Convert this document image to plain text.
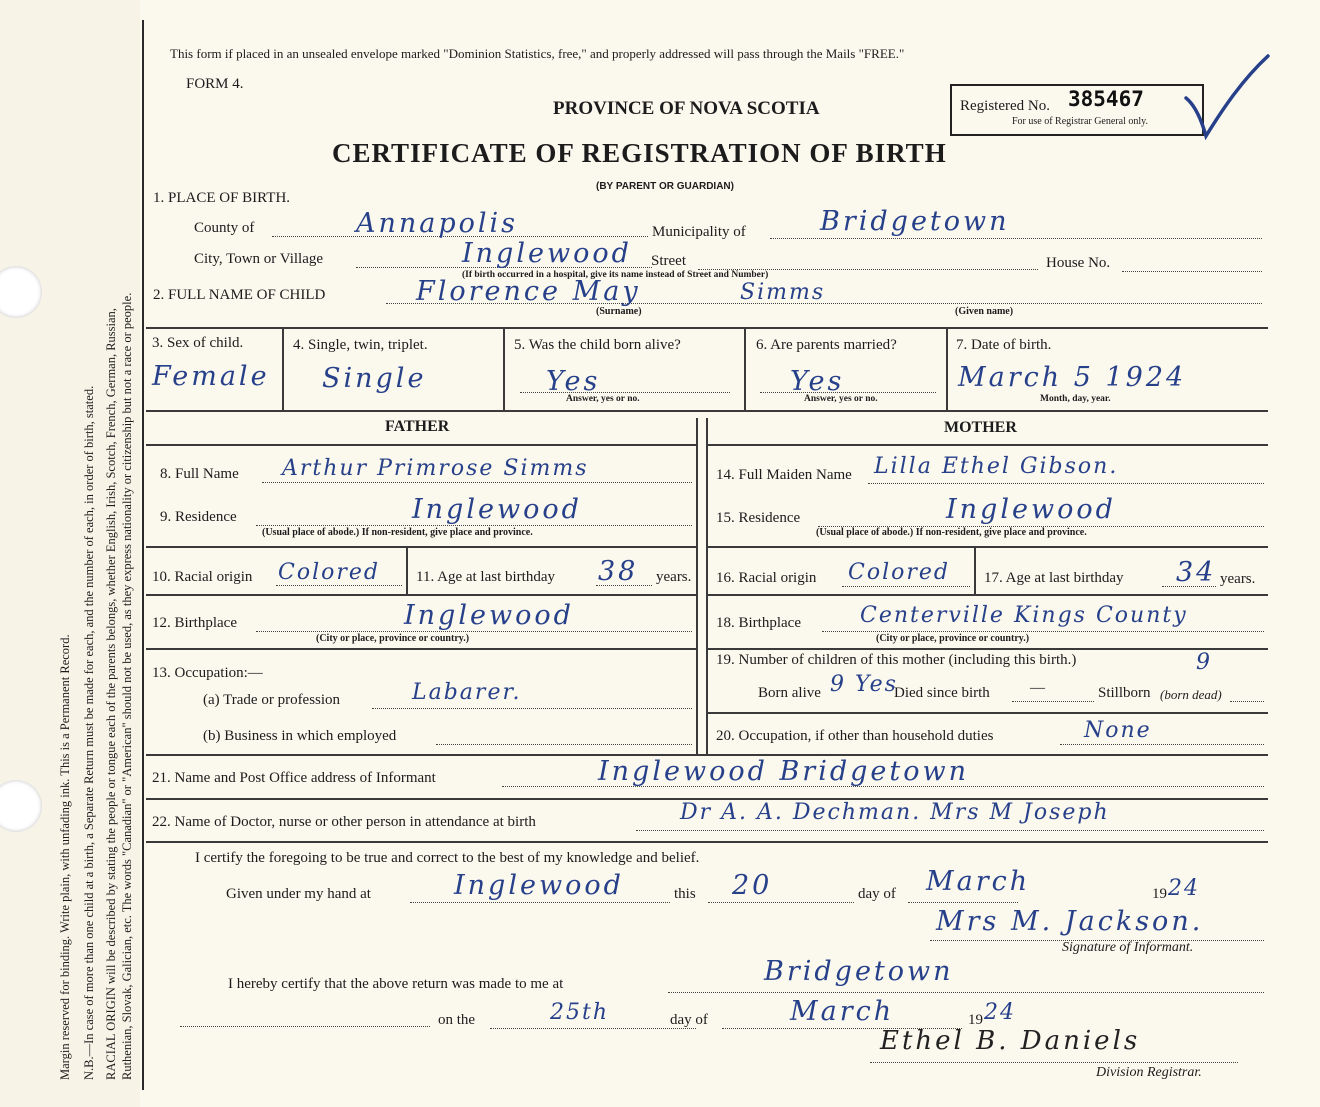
Margin reserved for binding. Write plain, with unfading ink. This is a Permanent Record. N.B.—In case of more than one child at a birth, a Separate Return must be made for each, and the number of each, in order of birth, stated. RACIAL ORIGIN will be described by stating the people or tongue each of the parents belongs, whether English, Irish, Scotch, French, German, Russian, Ruthenian, Slovak, Galician, etc. The words "Canadian" or "American" should not be used, as they express nationality or citizenship but not a race or people.
This form if placed in an unsealed envelope marked "Dominion Statistics, free," and properly addressed will pass through the Mails "FREE."
FORM 4.
PROVINCE OF NOVA SCOTIA	Registered No. 385467
For use of Registrar General only.
CERTIFICATE OF REGISTRATION OF BIRTH
(BY PARENT OR GUARDIAN)
1. PLACE OF BIRTH.
County of	Annapolis	Municipality of	Bridgetown
City, Town or Village	Inglewood Street	House No.
(If birth occurred in a hospital, give its name instead of Street and Number)
2. FULL NAME OF CHILD	Florence May	Simms
(Surname)	(Given name)
3. Sex of child.
Female
4. Single, twin, triplet.
Single
5. Was the child born alive?
Yes
Answer, yes or no.
6. Are parents married?
Yes
Answer, yes or no.
7. Date of birth.
March 5 1924
Month, day, year.
FATHER	MOTHER
8. Full Name Arthur Primrose Simms
9. Residence	Inglewood
(Usual place of abode.) If non-resident, give place and province.
10. Racial origin Colored 11. Age at last birthday 38 years.
12. Birthplace	Inglewood
(City or place, province or country.)
13. Occupation:—
(a) Trade or profession	Labarer.
(b) Business in which employed
14. Full Maiden Name Lilla Ethel Gibson.
15. Residence	Inglewood
(Usual place of abode.) If non-resident, give place and province.
16. Racial origin Colored 17. Age at last birthday 34 years.
18. Birthplace	Centerville Kings County
(City or place, province or country.)
19. Number of children of this mother (including this birth.)	9
Born alive 9 Yes
Died since birth	—	Stillborn (born dead)
20. Occupation, if other than household duties	None
21. Name and Post Office address of Informant	Inglewood Bridgetown
22. Name of Doctor, nurse or other person in attendance at birth	Dr A. A. Dechman. Mrs M Joseph
I certify the foregoing to be true and correct to the best of my knowledge and belief.
Given under my hand at	Inglewood	this 20	day of March	19 24
Mrs M. Jackson.
Signature of Informant.
I hereby certify that the above return was made to me at	Bridgetown
on the	25th	day of	March	19 24
Ethel B. Daniels
Division Registrar.
